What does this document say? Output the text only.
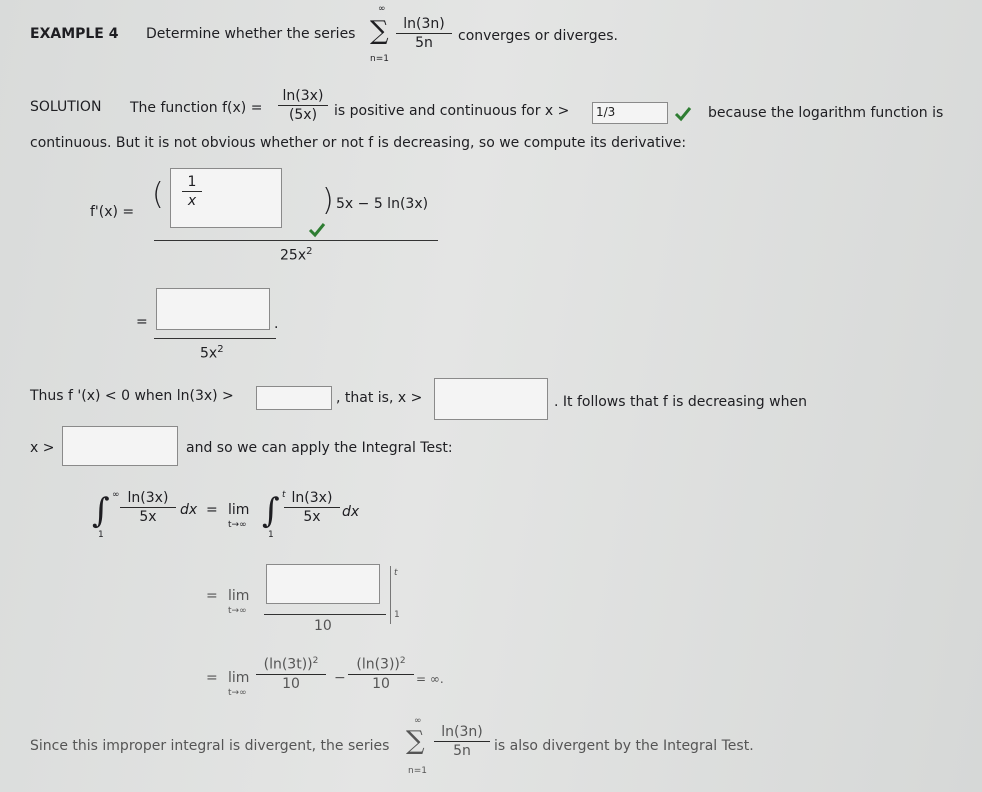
EXAMPLE 4 Determine whether the series
∞
∑
n=1
ln(3n)
5n	converges or diverges.
SOLUTION The function f(x) =
ln(3x)
(5x)	is positive and continuous for x >	1/3	because the logarithm function is
continuous. But it is not obvious whether or not f is decreasing, so we compute its derivative:
f'(x) = (	1
x	) 5x − 5 ln(3x)
$25x^2$
=	.
$5x^2$
Thus f '(x) < 0 when ln(3x) >	, that is, x >	. It follows that f is decreasing when
x >	and so we can apply the Integral Test:
∫ ∞
1
ln(3x)
5x	dx = lim
t→∞ ∫ t
1
ln(3x)
5x	dx
= lim
t→∞
10
t
1
= lim
t→∞
$(\ln(3t))^2$
10	−
$(\ln(3))^2$
10	= ∞.
Since this improper integral is divergent, the series
∞
∑
n=1
ln(3n)
5n	is also divergent by the Integral Test.
